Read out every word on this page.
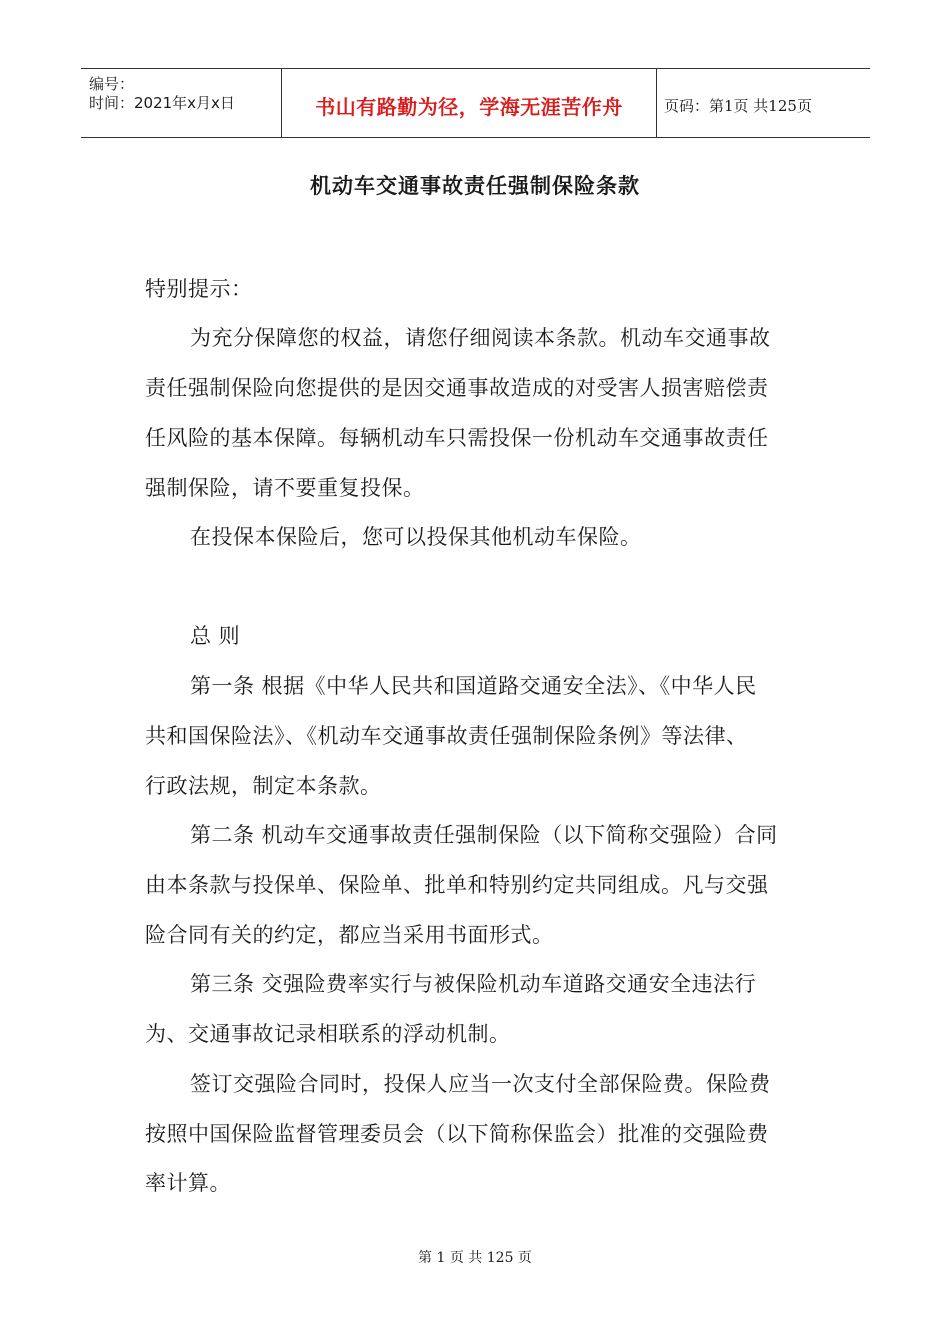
编号：
时间：2021年x月x日	书山有路勤为径，学海无涯苦作舟	页码：第1页 共125页
机动车交通事故责任强制保险条款
特别提示：
为充分保障您的权益，请您仔细阅读本条款。机动车交通事故
责任强制保险向您提供的是因交通事故造成的对受害人损害赔偿责
任风险的基本保障。每辆机动车只需投保一份机动车交通事故责任
强制保险，请不要重复投保。
在投保本保险后，您可以投保其他机动车保险。
总 则
第一条 根据《中华人民共和国道路交通安全法》、《中华人民
共和国保险法》、《机动车交通事故责任强制保险条例》等法律、
行政法规，制定本条款。
第二条 机动车交通事故责任强制保险（以下简称交强险）合同
由本条款与投保单、保险单、批单和特别约定共同组成。凡与交强
险合同有关的约定，都应当采用书面形式。
第三条 交强险费率实行与被保险机动车道路交通安全违法行
为、交通事故记录相联系的浮动机制。
签订交强险合同时，投保人应当一次支付全部保险费。保险费
按照中国保险监督管理委员会（以下简称保监会）批准的交强险费
率计算。
第 1 页 共 125 页
